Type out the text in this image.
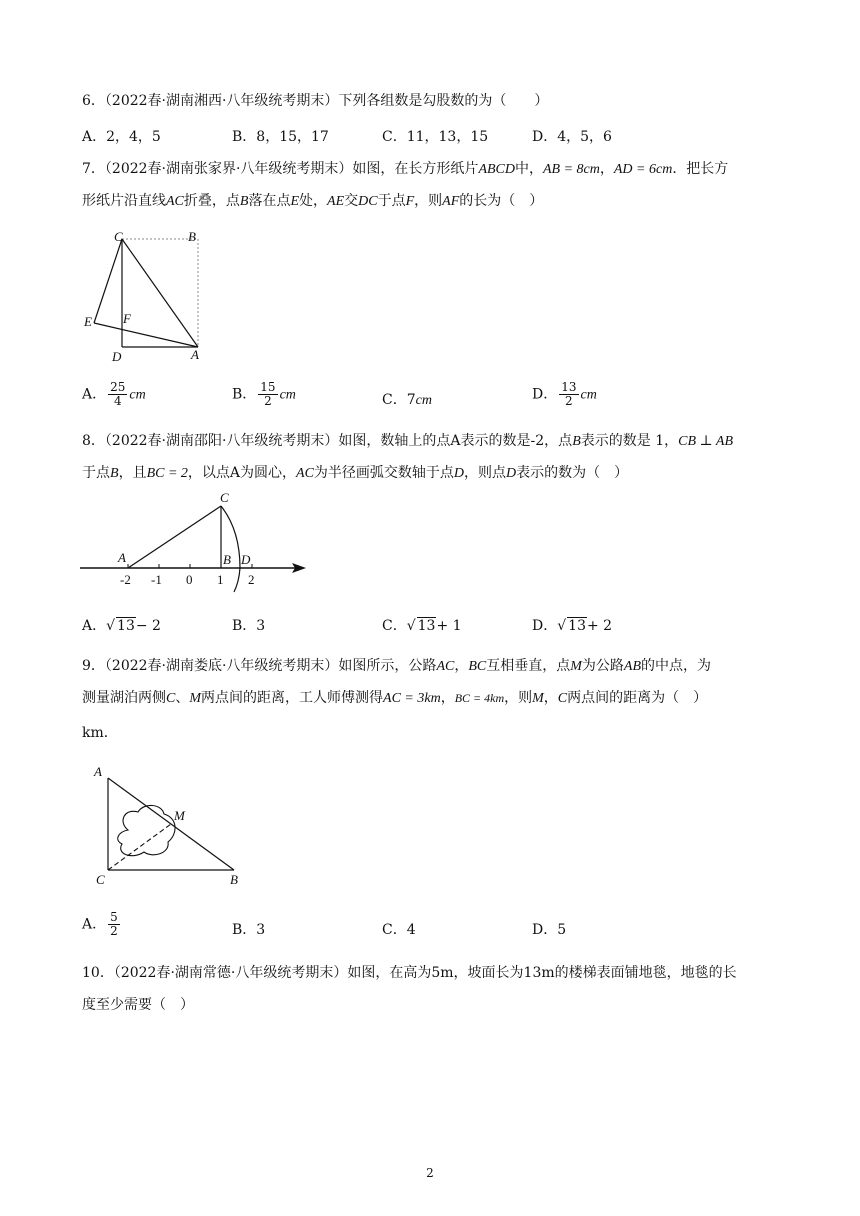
6．（2022春·湖南湘西·八年级统考期末）下列各组数是勾股数的为（　　）
A．2，4，5	B．8，15，17	C．11，13，15	D．4，5，6
7．（2022春·湖南张家界·八年级统考期末）如图，在长方形纸片ABCD中，AB = 8cm，AD = 6cm．把长方
形纸片沿直线AC折叠，点B落在点E处，AE交DC于点F，则AF的长为（　）
C	B
E F
D	A
A． $\frac{25}{4}$ cm	B． $\frac{15}{2}$ cm	C．7cm	D． $\frac{13}{2}$ cm
8．（2022春·湖南邵阳·八年级统考期末）如图，数轴上的点A表示的数是-2，点B表示的数是 1，CB ⊥ AB
于点B，且BC = 2，以点A为圆心，AC为半径画弧交数轴于点D，则点D表示的数为（　）
C
A	B D
-2 -1 0 1 2
A．√ 13− 2	B．3	C．√ 13+ 1	D．√ 13+ 2
9．（2022春·湖南娄底·八年级统考期末）如图所示，公路AC，BC互相垂直，点M为公路AB的中点，为
测量湖泊两侧C、M两点间的距离，工人师傅测得AC = 3km，BC = 4km，则M，C两点间的距离为（　）
km．
A
M
C	B
A． $\frac{5}{2}$	B．3	C．4	D．5
10．（2022春·湖南常德·八年级统考期末）如图，在高为5m，坡面长为13m的楼梯表面铺地毯，地毯的长
度至少需要（　）
2
